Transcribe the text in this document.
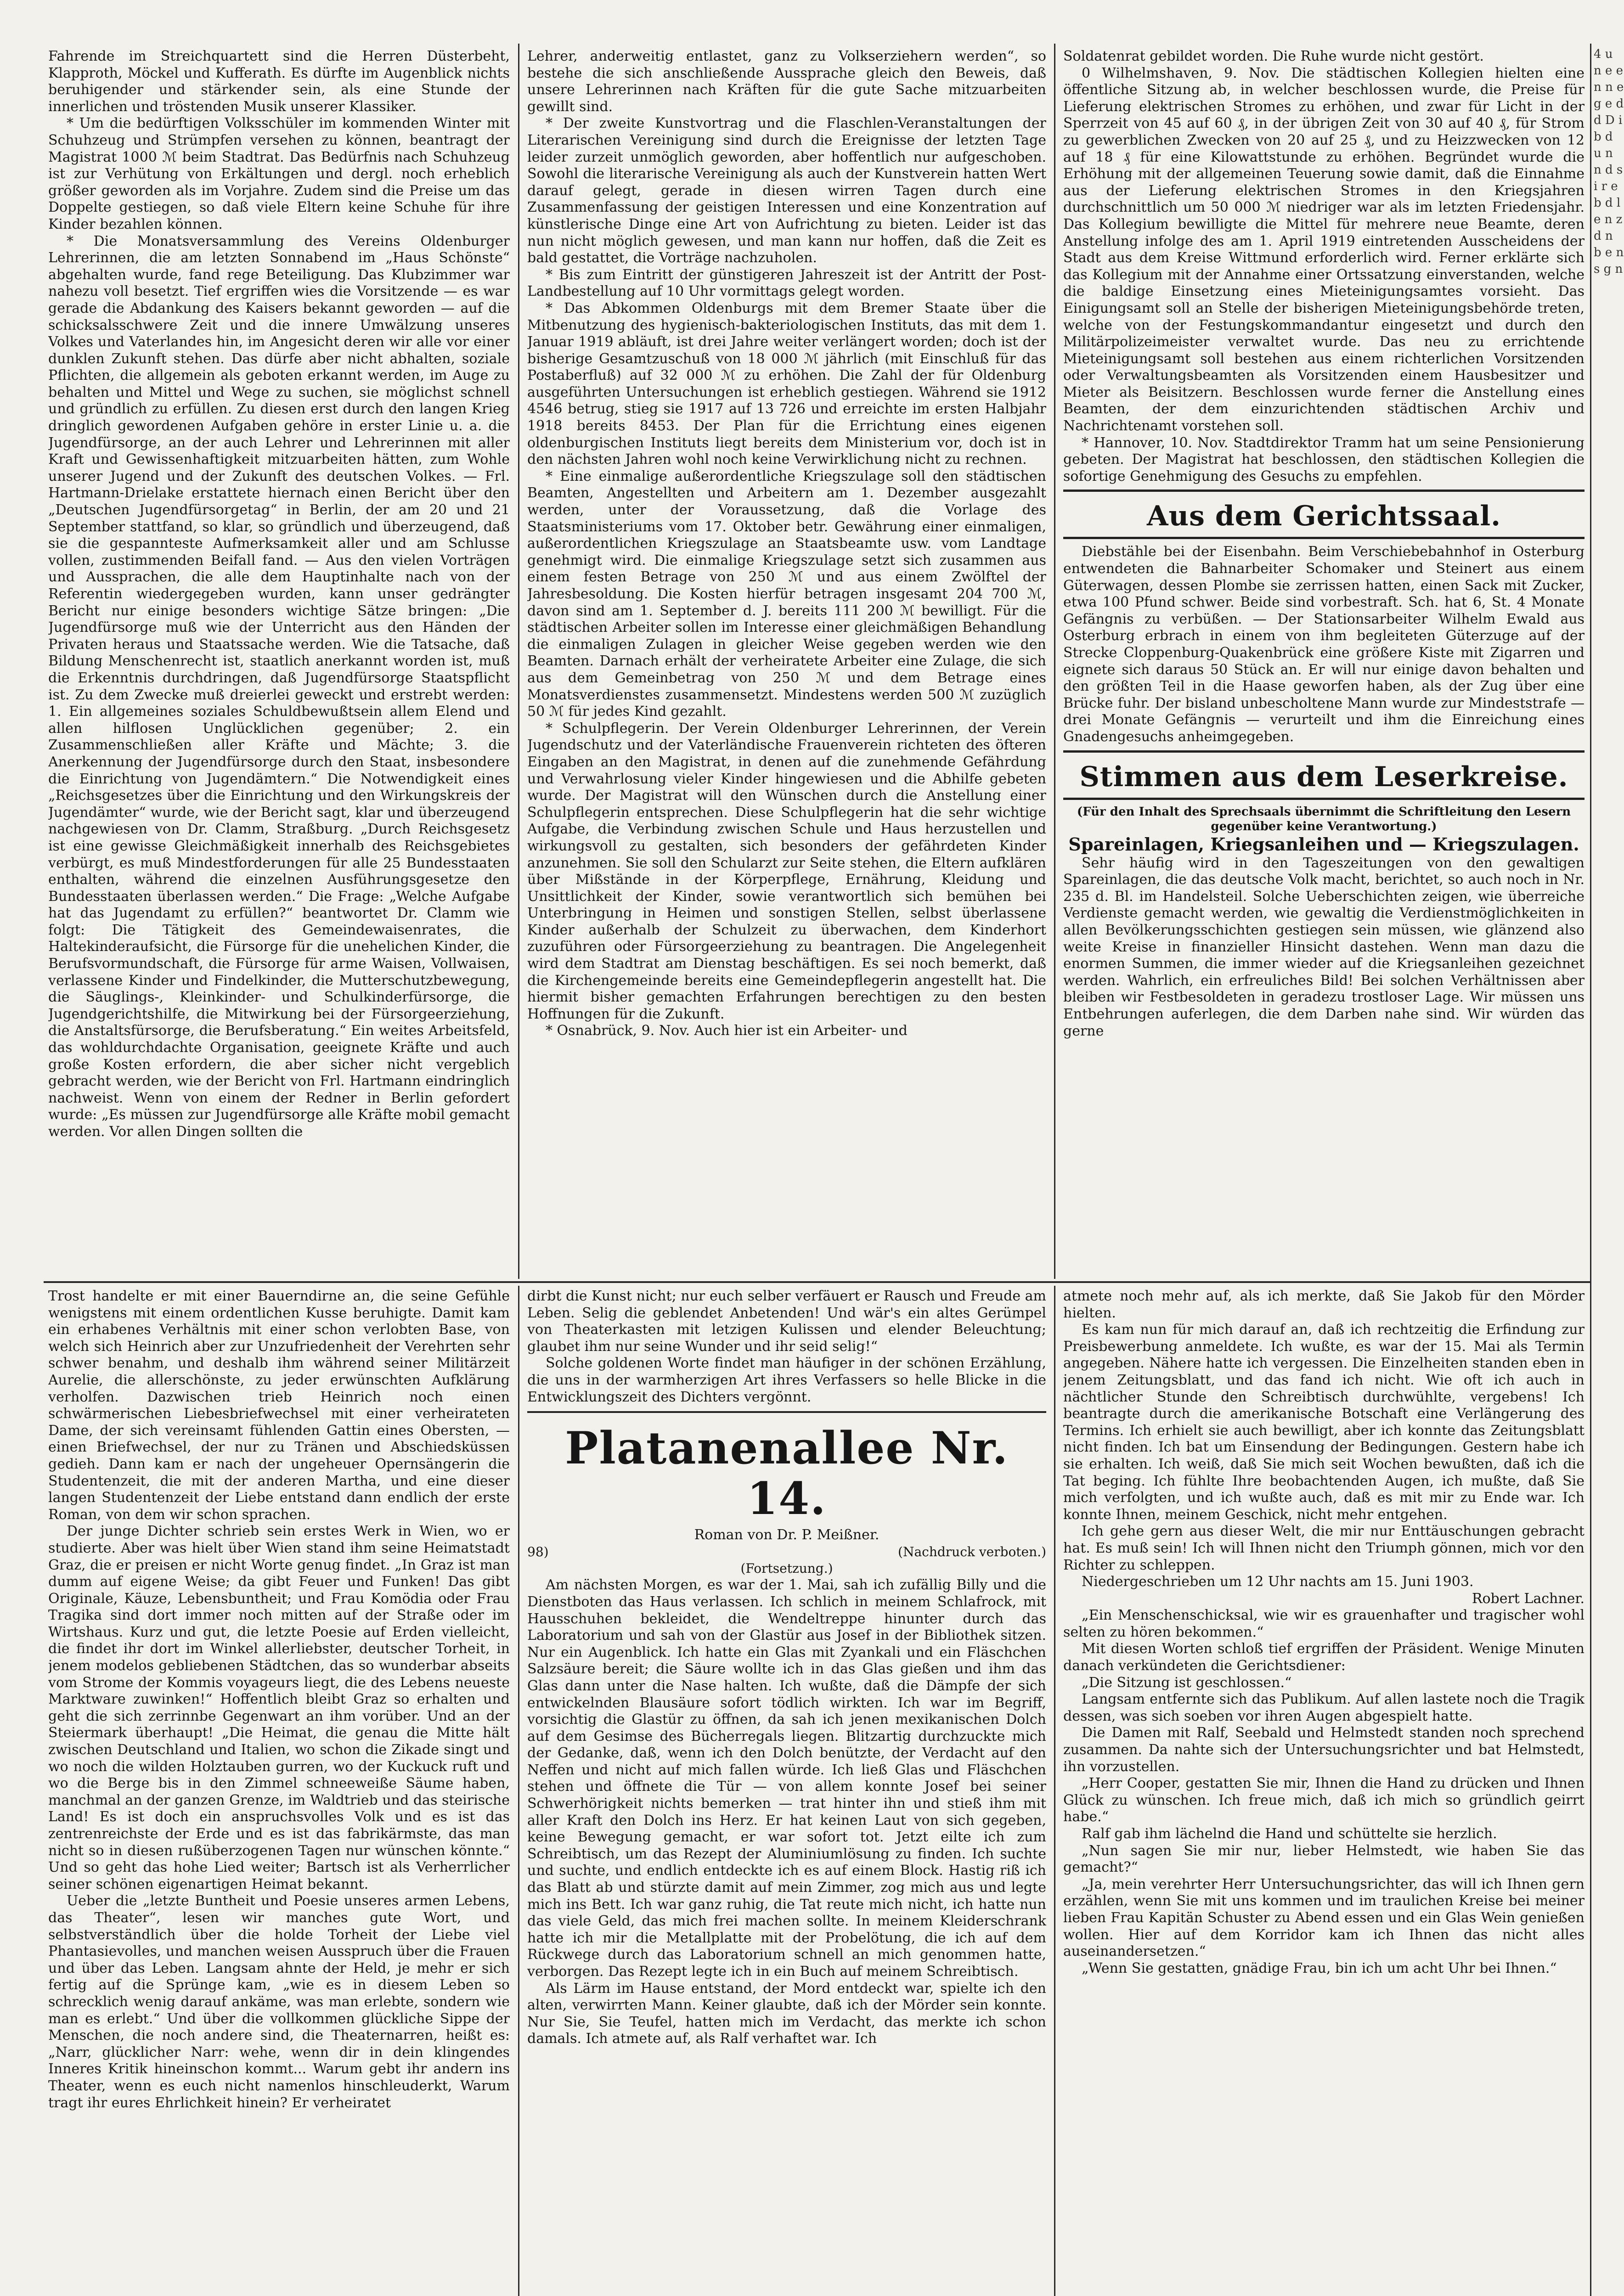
Fahrende im Streichquartett sind die Herren Düsterbeht, Klapproth, Möckel und Kufferath. Es dürfte im Augenblick nichts beruhigender und stärkender sein, als eine Stunde der innerlichen und tröstenden Musik unserer Klassiker.

* Um die bedürftigen Volksschüler im kommenden Winter mit Schuhzeug und Strümpfen versehen zu können, beantragt der Magistrat 1000 ℳ beim Stadtrat. Das Bedürfnis nach Schuhzeug ist zur Verhütung von Erkältungen und dergl. noch erheblich größer geworden als im Vorjahre. Zudem sind die Preise um das Doppelte gestiegen, so daß viele Eltern keine Schuhe für ihre Kinder bezahlen können.

* Die Monatsversammlung des Vereins Oldenburger Lehrerinnen, die am letzten Sonnabend im „Haus Schönste“ abgehalten wurde, fand rege Beteiligung. Das Klubzimmer war nahezu voll besetzt. Tief ergriffen wies die Vorsitzende — es war gerade die Abdankung des Kaisers bekannt geworden — auf die schicksalsschwere Zeit und die innere Umwälzung unseres Volkes und Vaterlandes hin, im Angesicht deren wir alle vor einer dunklen Zukunft stehen. Das dürfe aber nicht abhalten, soziale Pflichten, die allgemein als geboten erkannt werden, im Auge zu behalten und Mittel und Wege zu suchen, sie möglichst schnell und gründlich zu erfüllen. Zu diesen erst durch den langen Krieg dringlich gewordenen Aufgaben gehöre in erster Linie u. a. die Jugendfürsorge, an der auch Lehrer und Lehrerinnen mit aller Kraft und Gewissenhaftigkeit mitzuarbeiten hätten, zum Wohle unserer Jugend und der Zukunft des deutschen Volkes. — Frl. Hartmann-Drielake erstattete hiernach einen Bericht über den „Deutschen Jugendfürsorgetag“ in Berlin, der am 20 und 21 September stattfand, so klar, so gründlich und überzeugend, daß sie die gespannteste Aufmerksamkeit aller und am Schlusse vollen, zustimmenden Beifall fand. — Aus den vielen Vorträgen und Aussprachen, die alle dem Hauptinhalte nach von der Referentin wiedergegeben wurden, kann unser gedrängter Bericht nur einige besonders wichtige Sätze bringen: „Die Jugendfürsorge muß wie der Unterricht aus den Händen der Privaten heraus und Staatssache werden. Wie die Tatsache, daß Bildung Menschenrecht ist, staatlich anerkannt worden ist, muß die Erkenntnis durchdringen, daß Jugendfürsorge Staatspflicht ist. Zu dem Zwecke muß dreierlei geweckt und erstrebt werden: 1. Ein allgemeines soziales Schuldbewußtsein allem Elend und allen hilflosen Unglücklichen gegenüber; 2. ein Zusammenschließen aller Kräfte und Mächte; 3. die Anerkennung der Jugendfürsorge durch den Staat, insbesondere die Einrichtung von Jugendämtern.“ Die Notwendigkeit eines „Reichsgesetzes über die Einrichtung und den Wirkungskreis der Jugendämter“ wurde, wie der Bericht sagt, klar und überzeugend nachgewiesen von Dr. Clamm, Straßburg. „Durch Reichsgesetz ist eine gewisse Gleichmäßigkeit innerhalb des Reichsgebietes verbürgt, es muß Mindestforderungen für alle 25 Bundesstaaten enthalten, während die einzelnen Ausführungsgesetze den Bundesstaaten überlassen werden.“ Die Frage: „Welche Aufgabe hat das Jugendamt zu erfüllen?“ beantwortet Dr. Clamm wie folgt: Die Tätigkeit des Gemeindewaisenrates, die Haltekinderaufsicht, die Fürsorge für die unehelichen Kinder, die Berufsvormundschaft, die Fürsorge für arme Waisen, Vollwaisen, verlassene Kinder und Findelkinder, die Mutterschutzbewegung, die Säuglings-, Kleinkinder- und Schulkinderfürsorge, die Jugendgerichtshilfe, die Mitwirkung bei der Fürsorgeerziehung, die Anstaltsfürsorge, die Berufsberatung.“ Ein weites Arbeitsfeld, das wohldurchdachte Organisation, geeignete Kräfte und auch große Kosten erfordern, die aber sicher nicht vergeblich gebracht werden, wie der Bericht von Frl. Hartmann eindringlich nachweist. Wenn von einem der Redner in Berlin gefordert wurde: „Es müssen zur Jugendfürsorge alle Kräfte mobil gemacht werden. Vor allen Dingen sollten die

Lehrer, anderweitig entlastet, ganz zu Volkserziehern werden“, so bestehe die sich anschließende Aussprache gleich den Beweis, daß unsere Lehrerinnen nach Kräften für die gute Sache mitzuarbeiten gewillt sind.

* Der zweite Kunstvortrag und die Flaschlen-Veranstaltungen der Literarischen Vereinigung sind durch die Ereignisse der letzten Tage leider zurzeit unmöglich geworden, aber hoffentlich nur aufgeschoben. Sowohl die literarische Vereinigung als auch der Kunstverein hatten Wert darauf gelegt, gerade in diesen wirren Tagen durch eine Zusammenfassung der geistigen Interessen und eine Konzentration auf künstlerische Dinge eine Art von Aufrichtung zu bieten. Leider ist das nun nicht möglich gewesen, und man kann nur hoffen, daß die Zeit es bald gestattet, die Vorträge nachzuholen.

* Bis zum Eintritt der günstigeren Jahreszeit ist der Antritt der Post-Landbestellung auf 10 Uhr vormittags gelegt worden.

* Das Abkommen Oldenburgs mit dem Bremer Staate über die Mitbenutzung des hygienisch-bakteriologischen Instituts, das mit dem 1. Januar 1919 abläuft, ist drei Jahre weiter verlängert worden; doch ist der bisherige Gesamtzuschuß von 18 000 ℳ jährlich (mit Einschluß für das Postaberfluß) auf 32 000 ℳ zu erhöhen. Die Zahl der für Oldenburg ausgeführten Untersuchungen ist erheblich gestiegen. Während sie 1912 4546 betrug, stieg sie 1917 auf 13 726 und erreichte im ersten Halbjahr 1918 bereits 8453. Der Plan für die Errichtung eines eigenen oldenburgischen Instituts liegt bereits dem Ministerium vor, doch ist in den nächsten Jahren wohl noch keine Verwirklichung nicht zu rechnen.

* Eine einmalige außerordentliche Kriegszulage soll den städtischen Beamten, Angestellten und Arbeitern am 1. Dezember ausgezahlt werden, unter der Voraussetzung, daß die Vorlage des Staatsministeriums vom 17. Oktober betr. Gewährung einer einmaligen, außerordentlichen Kriegszulage an Staatsbeamte usw. vom Landtage genehmigt wird. Die einmalige Kriegszulage setzt sich zusammen aus einem festen Betrage von 250 ℳ und aus einem Zwölftel der Jahresbesoldung. Die Kosten hierfür betragen insgesamt 204 700 ℳ, davon sind am 1. September d. J. bereits 111 200 ℳ bewilligt. Für die städtischen Arbeiter sollen im Interesse einer gleichmäßigen Behandlung die einmaligen Zulagen in gleicher Weise gegeben werden wie den Beamten. Darnach erhält der verheiratete Arbeiter eine Zulage, die sich aus dem Gemeinbetrag von 250 ℳ und dem Betrage eines Monatsverdienstes zusammensetzt. Mindestens werden 500 ℳ zuzüglich 50 ℳ für jedes Kind gezahlt.

* Schulpflegerin. Der Verein Oldenburger Lehrerinnen, der Verein Jugendschutz und der Vaterländische Frauenverein richteten des öfteren Eingaben an den Magistrat, in denen auf die zunehmende Gefährdung und Verwahrlosung vieler Kinder hingewiesen und die Abhilfe gebeten wurde. Der Magistrat will den Wünschen durch die Anstellung einer Schulpflegerin entsprechen. Diese Schulpflegerin hat die sehr wichtige Aufgabe, die Verbindung zwischen Schule und Haus herzustellen und wirkungsvoll zu gestalten, sich besonders der gefährdeten Kinder anzunehmen. Sie soll den Schularzt zur Seite stehen, die Eltern aufklären über Mißstände in der Körperpflege, Ernährung, Kleidung und Unsittlichkeit der Kinder, sowie verantwortlich sich bemühen bei Unterbringung in Heimen und sonstigen Stellen, selbst überlassene Kinder außerhalb der Schulzeit zu überwachen, dem Kinderhort zuzuführen oder Fürsorgeerziehung zu beantragen. Die Angelegenheit wird dem Stadtrat am Dienstag beschäftigen. Es sei noch bemerkt, daß die Kirchengemeinde bereits eine Gemeindepflegerin angestellt hat. Die hiermit bisher gemachten Erfahrungen berechtigen zu den besten Hoffnungen für die Zukunft.

* Osnabrück, 9. Nov. Auch hier ist ein Arbeiter- und

Soldatenrat gebildet worden. Die Ruhe wurde nicht gestört.

0 Wilhelmshaven, 9. Nov. Die städtischen Kollegien hielten eine öffentliche Sitzung ab, in welcher beschlossen wurde, die Preise für Lieferung elektrischen Stromes zu erhöhen, und zwar für Licht in der Sperrzeit von 45 auf 60 ₰, in der übrigen Zeit von 30 auf 40 ₰, für Strom zu gewerblichen Zwecken von 20 auf 25 ₰, und zu Heizzwecken von 12 auf 18 ₰ für eine Kilowattstunde zu erhöhen. Begründet wurde die Erhöhung mit der allgemeinen Teuerung sowie damit, daß die Einnahme aus der Lieferung elektrischen Stromes in den Kriegsjahren durchschnittlich um 50 000 ℳ niedriger war als im letzten Friedensjahr. Das Kollegium bewilligte die Mittel für mehrere neue Beamte, deren Anstellung infolge des am 1. April 1919 eintretenden Ausscheidens der Stadt aus dem Kreise Wittmund erforderlich wird. Ferner erklärte sich das Kollegium mit der Annahme einer Ortssatzung einverstanden, welche die baldige Einsetzung eines Mieteinigungsamtes vorsieht. Das Einigungsamt soll an Stelle der bisherigen Mieteinigungsbehörde treten, welche von der Festungskommandantur eingesetzt und durch den Militärpolizeimeister verwaltet wurde. Das neu zu errichtende Mieteinigungsamt soll bestehen aus einem richterlichen Vorsitzenden oder Verwaltungsbeamten als Vorsitzenden einem Hausbesitzer und Mieter als Beisitzern. Beschlossen wurde ferner die Anstellung eines Beamten, der dem einzurichtenden städtischen Archiv und Nachrichtenamt vorstehen soll.

* Hannover, 10. Nov. Stadtdirektor Tramm hat um seine Pensionierung gebeten. Der Magistrat hat beschlossen, den städtischen Kollegien die sofortige Genehmigung des Gesuchs zu empfehlen.

Aus dem Gerichtssaal.

Diebstähle bei der Eisenbahn. Beim Verschiebebahnhof in Osterburg entwendeten die Bahnarbeiter Schomaker und Steinert aus einem Güterwagen, dessen Plombe sie zerrissen hatten, einen Sack mit Zucker, etwa 100 Pfund schwer. Beide sind vorbestraft. Sch. hat 6, St. 4 Monate Gefängnis zu verbüßen. — Der Stationsarbeiter Wilhelm Ewald aus Osterburg erbrach in einem von ihm begleiteten Güterzuge auf der Strecke Cloppenburg-Quakenbrück eine größere Kiste mit Zigarren und eignete sich daraus 50 Stück an. Er will nur einige davon behalten und den größten Teil in die Haase geworfen haben, als der Zug über eine Brücke fuhr. Der bisland unbescholtene Mann wurde zur Mindeststrafe — drei Monate Gefängnis — verurteilt und ihm die Einreichung eines Gnadengesuchs anheimgegeben.

Stimmen aus dem Leserkreise.
(Für den Inhalt des Sprechsaals übernimmt die Schriftleitung den Lesern gegenüber keine Verantwortung.)
Spareinlagen, Kriegsanleihen und — Kriegszulagen.

Sehr häufig wird in den Tageszeitungen von den gewaltigen Spareinlagen, die das deutsche Volk macht, berichtet, so auch noch in Nr. 235 d. Bl. im Handelsteil. Solche Ueberschichten zeigen, wie überreiche Verdienste gemacht werden, wie gewaltig die Verdienstmöglichkeiten in allen Bevölkerungsschichten gestiegen sein müssen, wie glänzend also weite Kreise in finanzieller Hinsicht dastehen. Wenn man dazu die enormen Summen, die immer wieder auf die Kriegsanleihen gezeichnet werden. Wahrlich, ein erfreuliches Bild! Bei solchen Verhältnissen aber bleiben wir Festbesoldeten in geradezu trostloser Lage. Wir müssen uns Entbehrungen auferlegen, die dem Darben nahe sind. Wir würden das gerne

Trost handelte er mit einer Bauerndirne an, die seine Gefühle wenigstens mit einem ordentlichen Kusse beruhigte. Damit kam ein erhabenes Verhältnis mit einer schon verlobten Base, von welch sich Heinrich aber zur Unzufriedenheit der Verehrten sehr schwer benahm, und deshalb ihm während seiner Militärzeit Aurelie, die allerschönste, zu jeder erwünschten Aufklärung verholfen. Dazwischen trieb Heinrich noch einen schwärmerischen Liebesbriefwechsel mit einer verheirateten Dame, der sich vereinsamt fühlenden Gattin eines Obersten, — einen Briefwechsel, der nur zu Tränen und Abschiedsküssen gedieh. Dann kam er nach der ungeheuer Opernsängerin die Studentenzeit, die mit der anderen Martha, und eine dieser langen Studentenzeit der Liebe entstand dann endlich der erste Roman, von dem wir schon sprachen.

Der junge Dichter schrieb sein erstes Werk in Wien, wo er studierte. Aber was hielt über Wien stand ihm seine Heimatstadt Graz, die er preisen er nicht Worte genug findet. „In Graz ist man dumm auf eigene Weise; da gibt Feuer und Funken! Das gibt Originale, Käuze, Lebensbuntheit; und Frau Komödia oder Frau Tragika sind dort immer noch mitten auf der Straße oder im Wirtshaus. Kurz und gut, die letzte Poesie auf Erden vielleicht, die findet ihr dort im Winkel allerliebster, deutscher Torheit, in jenem modelos gebliebenen Städtchen, das so wunderbar abseits vom Strome der Kommis voyageurs liegt, die des Lebens neueste Marktware zuwinken!“ Hoffentlich bleibt Graz so erhalten und geht die sich zerrinnbe Gegenwart an ihm vorüber. Und an der Steiermark überhaupt! „Die Heimat, die genau die Mitte hält zwischen Deutschland und Italien, wo schon die Zikade singt und wo noch die wilden Holztauben gurren, wo der Kuckuck ruft und wo die Berge bis in den Zimmel schneeweiße Säume haben, manchmal an der ganzen Grenze, im Waldtrieb und das steirische Land! Es ist doch ein anspruchsvolles Volk und es ist das zentrenreichste der Erde und es ist das fabrikärmste, das man nicht so in diesen rußüberzogenen Tagen nur wünschen könnte.“ Und so geht das hohe Lied weiter; Bartsch ist als Verherrlicher seiner schönen eigenartigen Heimat bekannt.

Ueber die „letzte Buntheit und Poesie unseres armen Lebens, das Theater“, lesen wir manches gute Wort, und selbstverständlich über die holde Torheit der Liebe viel Phantasievolles, und manchen weisen Ausspruch über die Frauen und über das Leben. Langsam ahnte der Held, je mehr er sich fertig auf die Sprünge kam, „wie es in diesem Leben so schrecklich wenig darauf ankäme, was man erlebte, sondern wie man es erlebt.“ Und über die vollkommen glückliche Sippe der Menschen, die noch andere sind, die Theaternarren, heißt es: „Narr, glücklicher Narr: wehe, wenn dir in dein klingendes Inneres Kritik hineinschon kommt... Warum gebt ihr andern ins Theater, wenn es euch nicht namenlos hinschleuderkt, Warum tragt ihr eures Ehrlichkeit hinein? Er verheiratet

dirbt die Kunst nicht; nur euch selber verfäuert er Rausch und Freude am Leben. Selig die geblendet Anbetenden! Und wär's ein altes Gerümpel von Theaterkasten mit letzigen Kulissen und elender Beleuchtung; glaubet ihm nur seine Wunder und ihr seid selig!“

Solche goldenen Worte findet man häufiger in der schönen Erzählung, die uns in der warmherzigen Art ihres Verfassers so helle Blicke in die Entwicklungszeit des Dichters vergönnt.

Platanenallee Nr. 14.
Roman von Dr. P. Meißner.
98)	(Nachdruck verboten.)
(Fortsetzung.)

Am nächsten Morgen, es war der 1. Mai, sah ich zufällig Billy und die Dienstboten das Haus verlassen. Ich schlich in meinem Schlafrock, mit Hausschuhen bekleidet, die Wendeltreppe hinunter durch das Laboratorium und sah von der Glastür aus Josef in der Bibliothek sitzen. Nur ein Augenblick. Ich hatte ein Glas mit Zyankali und ein Fläschchen Salzsäure bereit; die Säure wollte ich in das Glas gießen und ihm das Glas dann unter die Nase halten. Ich wußte, daß die Dämpfe der sich entwickelnden Blausäure sofort tödlich wirkten. Ich war im Begriff, vorsichtig die Glastür zu öffnen, da sah ich jenen mexikanischen Dolch auf dem Gesimse des Bücherregals liegen. Blitzartig durchzuckte mich der Gedanke, daß, wenn ich den Dolch benützte, der Verdacht auf den Neffen und nicht auf mich fallen würde. Ich ließ Glas und Fläschchen stehen und öffnete die Tür — von allem konnte Josef bei seiner Schwerhörigkeit nichts bemerken — trat hinter ihn und stieß ihm mit aller Kraft den Dolch ins Herz. Er hat keinen Laut von sich gegeben, keine Bewegung gemacht, er war sofort tot. Jetzt eilte ich zum Schreibtisch, um das Rezept der Aluminiumlösung zu finden. Ich suchte und suchte, und endlich entdeckte ich es auf einem Block. Hastig riß ich das Blatt ab und stürzte damit auf mein Zimmer, zog mich aus und legte mich ins Bett. Ich war ganz ruhig, die Tat reute mich nicht, ich hatte nun das viele Geld, das mich frei machen sollte. In meinem Kleiderschrank hatte ich mir die Metallplatte mit der Probelötung, die ich auf dem Rückwege durch das Laboratorium schnell an mich genommen hatte, verborgen. Das Rezept legte ich in ein Buch auf meinem Schreibtisch.

Als Lärm im Hause entstand, der Mord entdeckt war, spielte ich den alten, verwirrten Mann. Keiner glaubte, daß ich der Mörder sein konnte. Nur Sie, Sie Teufel, hatten mich im Verdacht, das merkte ich schon damals. Ich atmete auf, als Ralf verhaftet war. Ich

atmete noch mehr auf, als ich merkte, daß Sie Jakob für den Mörder hielten.

Es kam nun für mich darauf an, daß ich rechtzeitig die Erfindung zur Preisbewerbung anmeldete. Ich wußte, es war der 15. Mai als Termin angegeben. Nähere hatte ich vergessen. Die Einzelheiten standen eben in jenem Zeitungsblatt, und das fand ich nicht. Wie oft ich auch in nächtlicher Stunde den Schreibtisch durchwühlte, vergebens! Ich beantragte durch die amerikanische Botschaft eine Verlängerung des Termins. Ich erhielt sie auch bewilligt, aber ich konnte das Zeitungsblatt nicht finden. Ich bat um Einsendung der Bedingungen. Gestern habe ich sie erhalten. Ich weiß, daß Sie mich seit Wochen bewußten, daß ich die Tat beging. Ich fühlte Ihre beobachtenden Augen, ich mußte, daß Sie mich verfolgten, und ich wußte auch, daß es mit mir zu Ende war. Ich konnte Ihnen, meinem Geschick, nicht mehr entgehen.

Ich gehe gern aus dieser Welt, die mir nur Enttäuschungen gebracht hat. Es muß sein! Ich will Ihnen nicht den Triumph gönnen, mich vor den Richter zu schleppen.

Niedergeschrieben um 12 Uhr nachts am 15. Juni 1903.

Robert Lachner.

„Ein Menschenschicksal, wie wir es grauenhafter und tragischer wohl selten zu hören bekommen.“

Mit diesen Worten schloß tief ergriffen der Präsident. Wenige Minuten danach verkündeten die Gerichtsdiener:

„Die Sitzung ist geschlossen.“

Langsam entfernte sich das Publikum. Auf allen lastete noch die Tragik dessen, was sich soeben vor ihren Augen abgespielt hatte.

Die Damen mit Ralf, Seebald und Helmstedt standen noch sprechend zusammen. Da nahte sich der Untersuchungsrichter und bat Helmstedt, ihn vorzustellen.

„Herr Cooper, gestatten Sie mir, Ihnen die Hand zu drücken und Ihnen Glück zu wünschen. Ich freue mich, daß ich mich so gründlich geirrt habe.“

Ralf gab ihm lächelnd die Hand und schüttelte sie herzlich.

„Nun sagen Sie mir nur, lieber Helmstedt, wie haben Sie das gemacht?“

„Ja, mein verehrter Herr Untersuchungsrichter, das will ich Ihnen gern erzählen, wenn Sie mit uns kommen und im traulichen Kreise bei meiner lieben Frau Kapitän Schuster zu Abend essen und ein Glas Wein genießen wollen. Hier auf dem Korridor kam ich Ihnen das nicht alles auseinandersetzen.“

„Wenn Sie gestatten, gnädige Frau, bin ich um acht Uhr bei Ihnen.“

4 u n e e n n e g e d d D i b d u n n d s i r e b d l e n z d n b e n s g n
